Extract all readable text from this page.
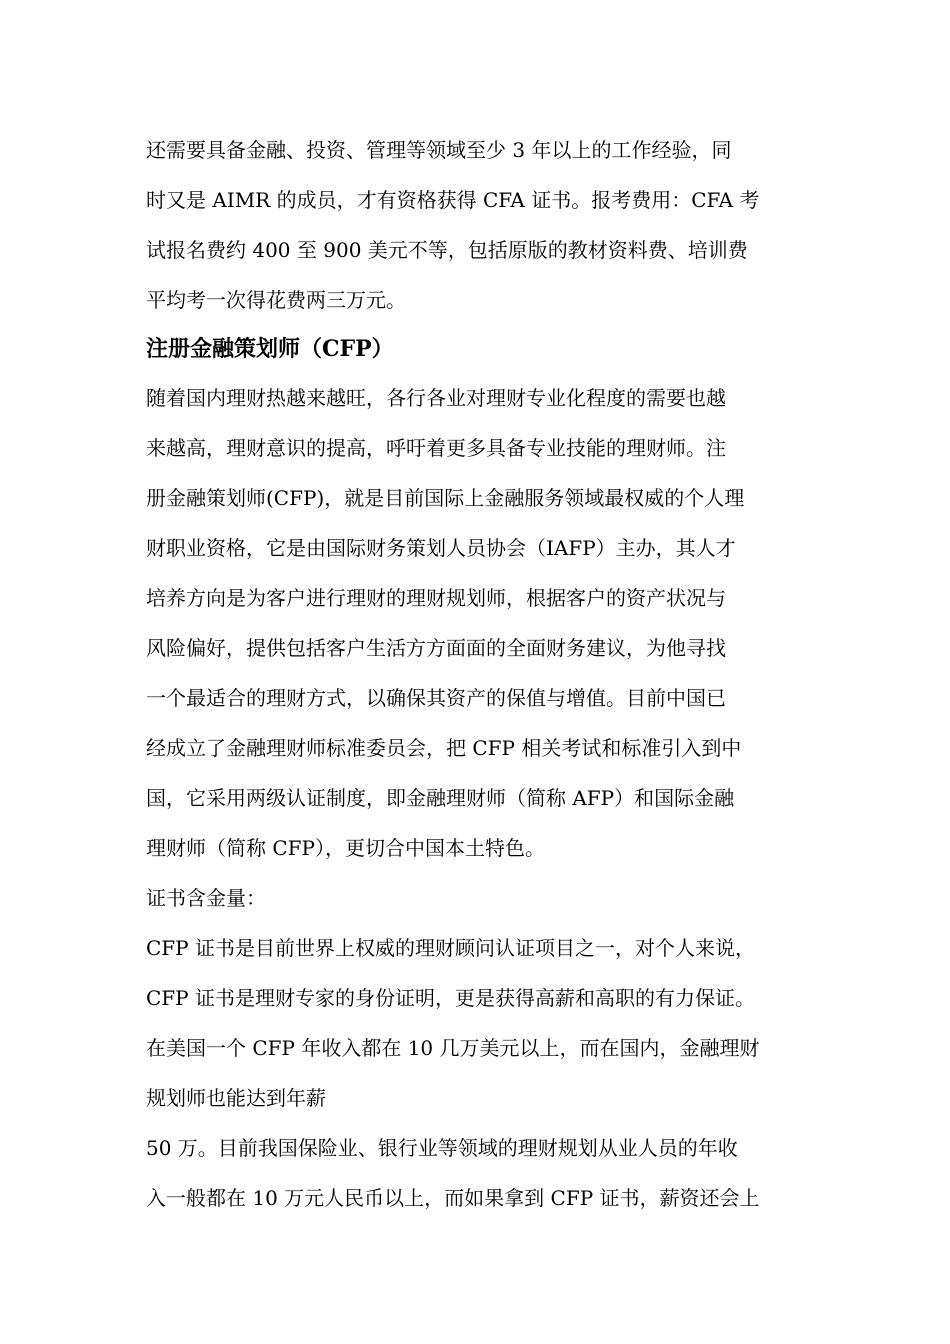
还需要具备金融、投资、管理等领域至少 3 年以上的工作经验，同
时又是 AIMR 的成员，才有资格获得 CFA 证书。报考费用：CFA 考
试报名费约 400 至 900 美元不等，包括原版的教材资料费、培训费
平均考一次得花费两三万元。
注册金融策划师（CFP）
随着国内理财热越来越旺，各行各业对理财专业化程度的需要也越
来越高，理财意识的提高，呼吁着更多具备专业技能的理财师。注
册金融策划师(CFP)，就是目前国际上金融服务领域最权威的个人理
财职业资格，它是由国际财务策划人员协会（IAFP）主办，其人才
培养方向是为客户进行理财的理财规划师，根据客户的资产状况与
风险偏好，提供包括客户生活方方面面的全面财务建议，为他寻找
一个最适合的理财方式，以确保其资产的保值与增值。目前中国已
经成立了金融理财师标准委员会，把 CFP 相关考试和标准引入到中
国，它采用两级认证制度，即金融理财师（简称 AFP）和国际金融
理财师（简称 CFP），更切合中国本土特色。
证书含金量：
CFP 证书是目前世界上权威的理财顾问认证项目之一，对个人来说，
CFP 证书是理财专家的身份证明，更是获得高薪和高职的有力保证。
在美国一个 CFP 年收入都在 10 几万美元以上，而在国内，金融理财
规划师也能达到年薪
50 万。目前我国保险业、银行业等领域的理财规划从业人员的年收
入一般都在 10 万元人民币以上，而如果拿到 CFP 证书，薪资还会上
